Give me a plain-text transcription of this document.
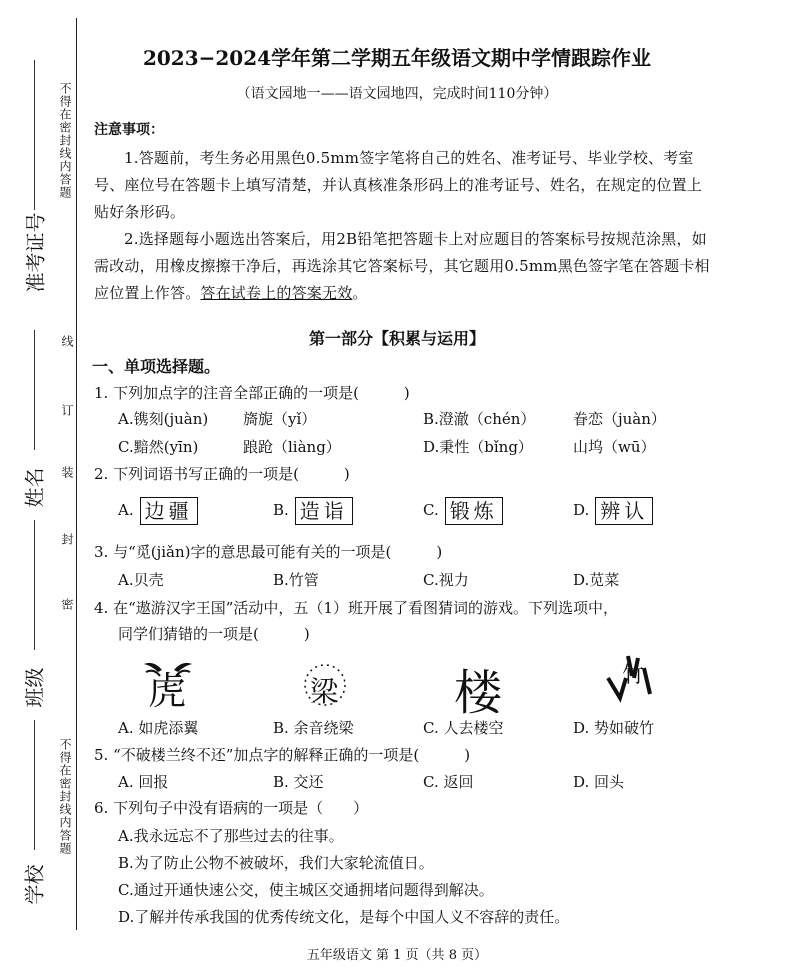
不得在密封线内答题
准考证号
线
订
姓名 装
封
密
班级
不得在密封线内答题
学校
2023−2024学年第二学期五年级语文期中学情跟踪作业
（语文园地一——语文园地四，完成时间110分钟）
注意事项：
1.答题前，考生务必用黑色0.5mm签字笔将自己的姓名、准考证号、毕业学校、考室号、座位号在答题卡上填写清楚，并认真核准条形码上的准考证号、姓名，在规定的位置上贴好条形码。
2.选择题每小题选出答案后，用2B铅笔把答题卡上对应题目的答案标号按规范涂黑，如需改动，用橡皮擦擦干净后，再选涂其它答案标号，其它题用0.5mm黑色签字笔在答题卡相应位置上作答。答在试卷上的答案无效。
第一部分【积累与运用】
一、单项选择题。
1. 下列加点字的注音全部正确的一项是(　　　)
A.镌刻(juàn) 旖旎（yǐ）	B.澄澈（chén）	眷恋（juàn）
C.黯然(yīn)	踉跄（liàng）	D.秉性（bǐng）	山坞（wū）
2. 下列词语书写正确的一项是(　　　)
A. 边疆	B. 造诣	C. 锻炼	D. 辨认
3. 与“觅(jiǎn)字的意思最可能有关的一项是(　　　)
A.贝壳	B.竹管	C.视力	D.苋菜
4. 在“遨游汉字王国”活动中，五（1）班开展了看图猜词的游戏。下列选项中，
同学们猜错的一项是(　　　)
虎	梁 楼	竹
A. 如虎添翼	B. 余音绕梁	C. 人去楼空	D. 势如破竹
5. “不破楼兰终不还”加点字的解释正确的一项是(　　　)
A. 回报	B. 交还	C. 返回	D. 回头
6. 下列句子中没有语病的一项是（　　）
A.我永远忘不了那些过去的往事。
B.为了防止公物不被破坏，我们大家轮流值日。
C.通过开通快速公交，使主城区交通拥堵问题得到解决。
D.了解并传承我国的优秀传统文化，是每个中国人义不容辞的责任。
五年级语文 第 1 页（共 8 页）
